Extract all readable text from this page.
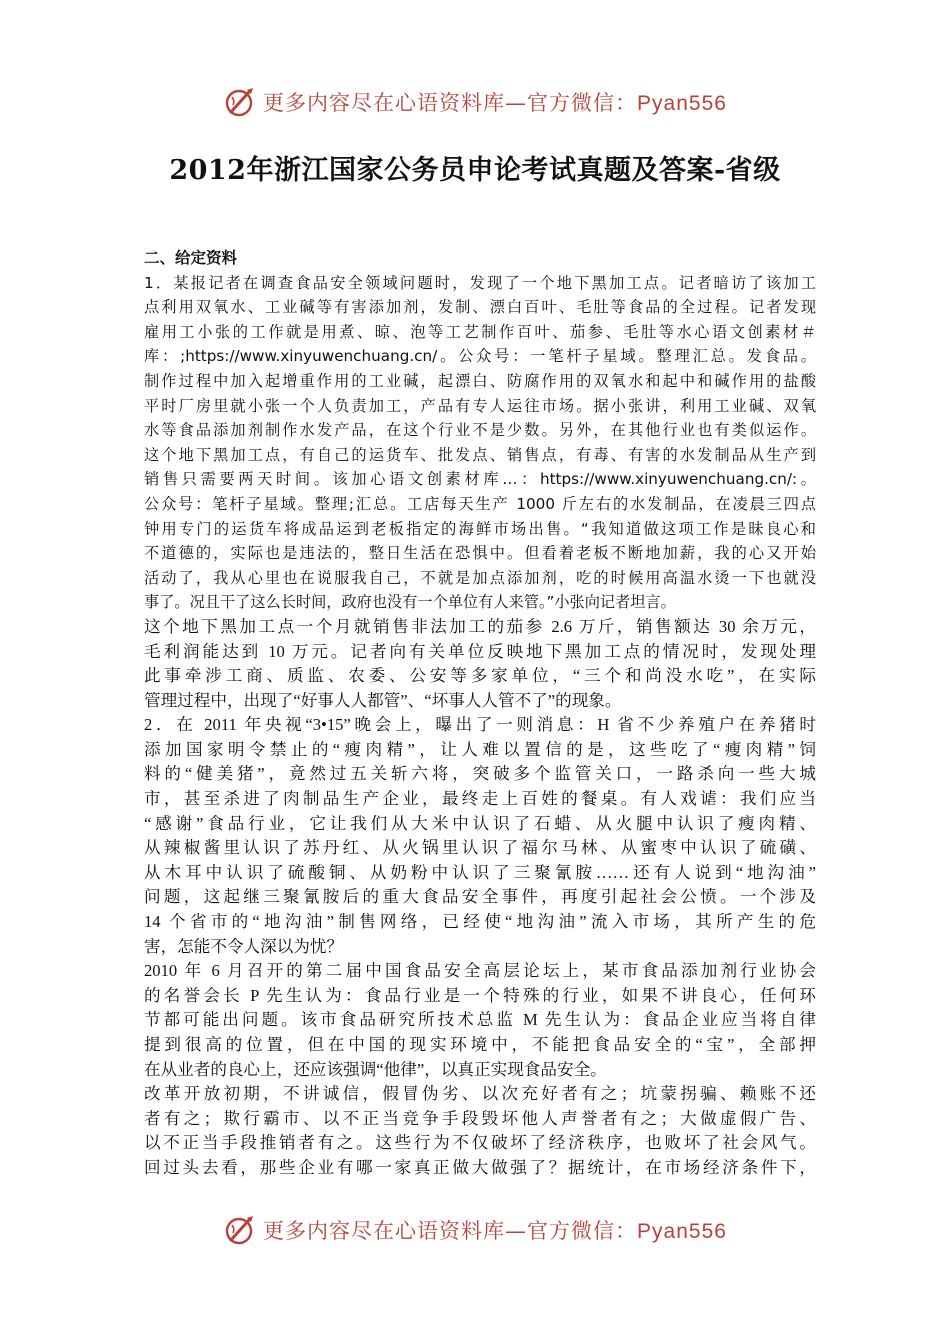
更多内容尽在心语资料库—官方微信：Pyan556
2012年浙江国家公务员申论考试真题及答案-省级
二、给定资料
1．某报记者在调查食品安全领域问题时，发现了一个地下黑加工点。记者暗访了该加工
点利用双氧水、工业碱等有害添加剂，发制、漂白百叶、毛肚等食品的全过程。记者发现
雇用工小张的工作就是用煮、晾、泡等工艺制作百叶、茄参、毛肚等水心语文创素材＃
库：;https://www.xinyuwenchuang.cn/。公众号：一笔杆子星域。整理汇总。发食品。
制作过程中加入起增重作用的工业碱，起漂白、防腐作用的双氧水和起中和碱作用的盐酸
平时厂房里就小张一个人负责加工，产品有专人运往市场。据小张讲，利用工业碱、双氧
水等食品添加剂制作水发产品，在这个行业不是少数。另外，在其他行业也有类似运作。
这个地下黑加工点，有自己的运货车、批发点、销售点，有毒、有害的水发制品从生产到
销售只需要两天时间。该加心语文创素材库…：https://www.xinyuwenchuang.cn/:。
公众号：笔杆子星域。整理;汇总。工店每天生产 1000 斤左右的水发制品，在凌晨三四点
钟用专门的运货车将成品运到老板指定的海鲜市场出售。“我知道做这项工作是昧良心和
不道德的，实际也是违法的，整日生活在恐惧中。但看着老板不断地加薪，我的心又开始
活动了，我从心里也在说服我自己，不就是加点添加剂，吃的时候用高温水烫一下也就没
事了。况且干了这么长时间，政府也没有一个单位有人来管。”小张向记者坦言。
这个地下黑加工点一个月就销售非法加工的茄参 2.6 万斤，销售额达 30 余万元，
毛利润能达到 10 万元。记者向有关单位反映地下黑加工点的情况时，发现处理
此事牵涉工商、质监、农委、公安等多家单位，“三个和尚没水吃”，在实际
管理过程中，出现了“好事人人都管”、“坏事人人管不了”的现象。
2．在 2011 年央视“3•15”晚会上，曝出了一则消息：H 省不少养殖户在养猪时
添加国家明令禁止的“瘦肉精”，让人难以置信的是，这些吃了“瘦肉精”饲
料的“健美猪”，竟然过五关斩六将，突破多个监管关口，一路杀向一些大城
市，甚至杀进了肉制品生产企业，最终走上百姓的餐桌。有人戏谑：我们应当
“感谢”食品行业，它让我们从大米中认识了石蜡、从火腿中认识了瘦肉精、
从辣椒酱里认识了苏丹红、从火锅里认识了福尔马林、从蜜枣中认识了硫磺、
从木耳中认识了硫酸铜、从奶粉中认识了三聚氰胺……还有人说到“地沟油”
问题，这起继三聚氰胺后的重大食品安全事件，再度引起社会公愤。一个涉及
14 个省市的“地沟油”制售网络，已经使“地沟油”流入市场，其所产生的危
害，怎能不令人深以为忧？
2010 年 6 月召开的第二届中国食品安全高层论坛上，某市食品添加剂行业协会
的名誉会长 P 先生认为：食品行业是一个特殊的行业，如果不讲良心，任何环
节都可能出问题。该市食品研究所技术总监 M 先生认为：食品企业应当将自律
提到很高的位置，但在中国的现实环境中，不能把食品安全的“宝”，全部押
在从业者的良心上，还应该强调“他律”，以真正实现食品安全。
改革开放初期，不讲诚信，假冒伪劣、以次充好者有之；坑蒙拐骗、赖账不还
者有之；欺行霸市、以不正当竞争手段毁坏他人声誉者有之；大做虚假广告、
以不正当手段推销者有之。这些行为不仅破坏了经济秩序，也败坏了社会风气。
回过头去看，那些企业有哪一家真正做大做强了？据统计，在市场经济条件下，
更多内容尽在心语资料库—官方微信：Pyan556
